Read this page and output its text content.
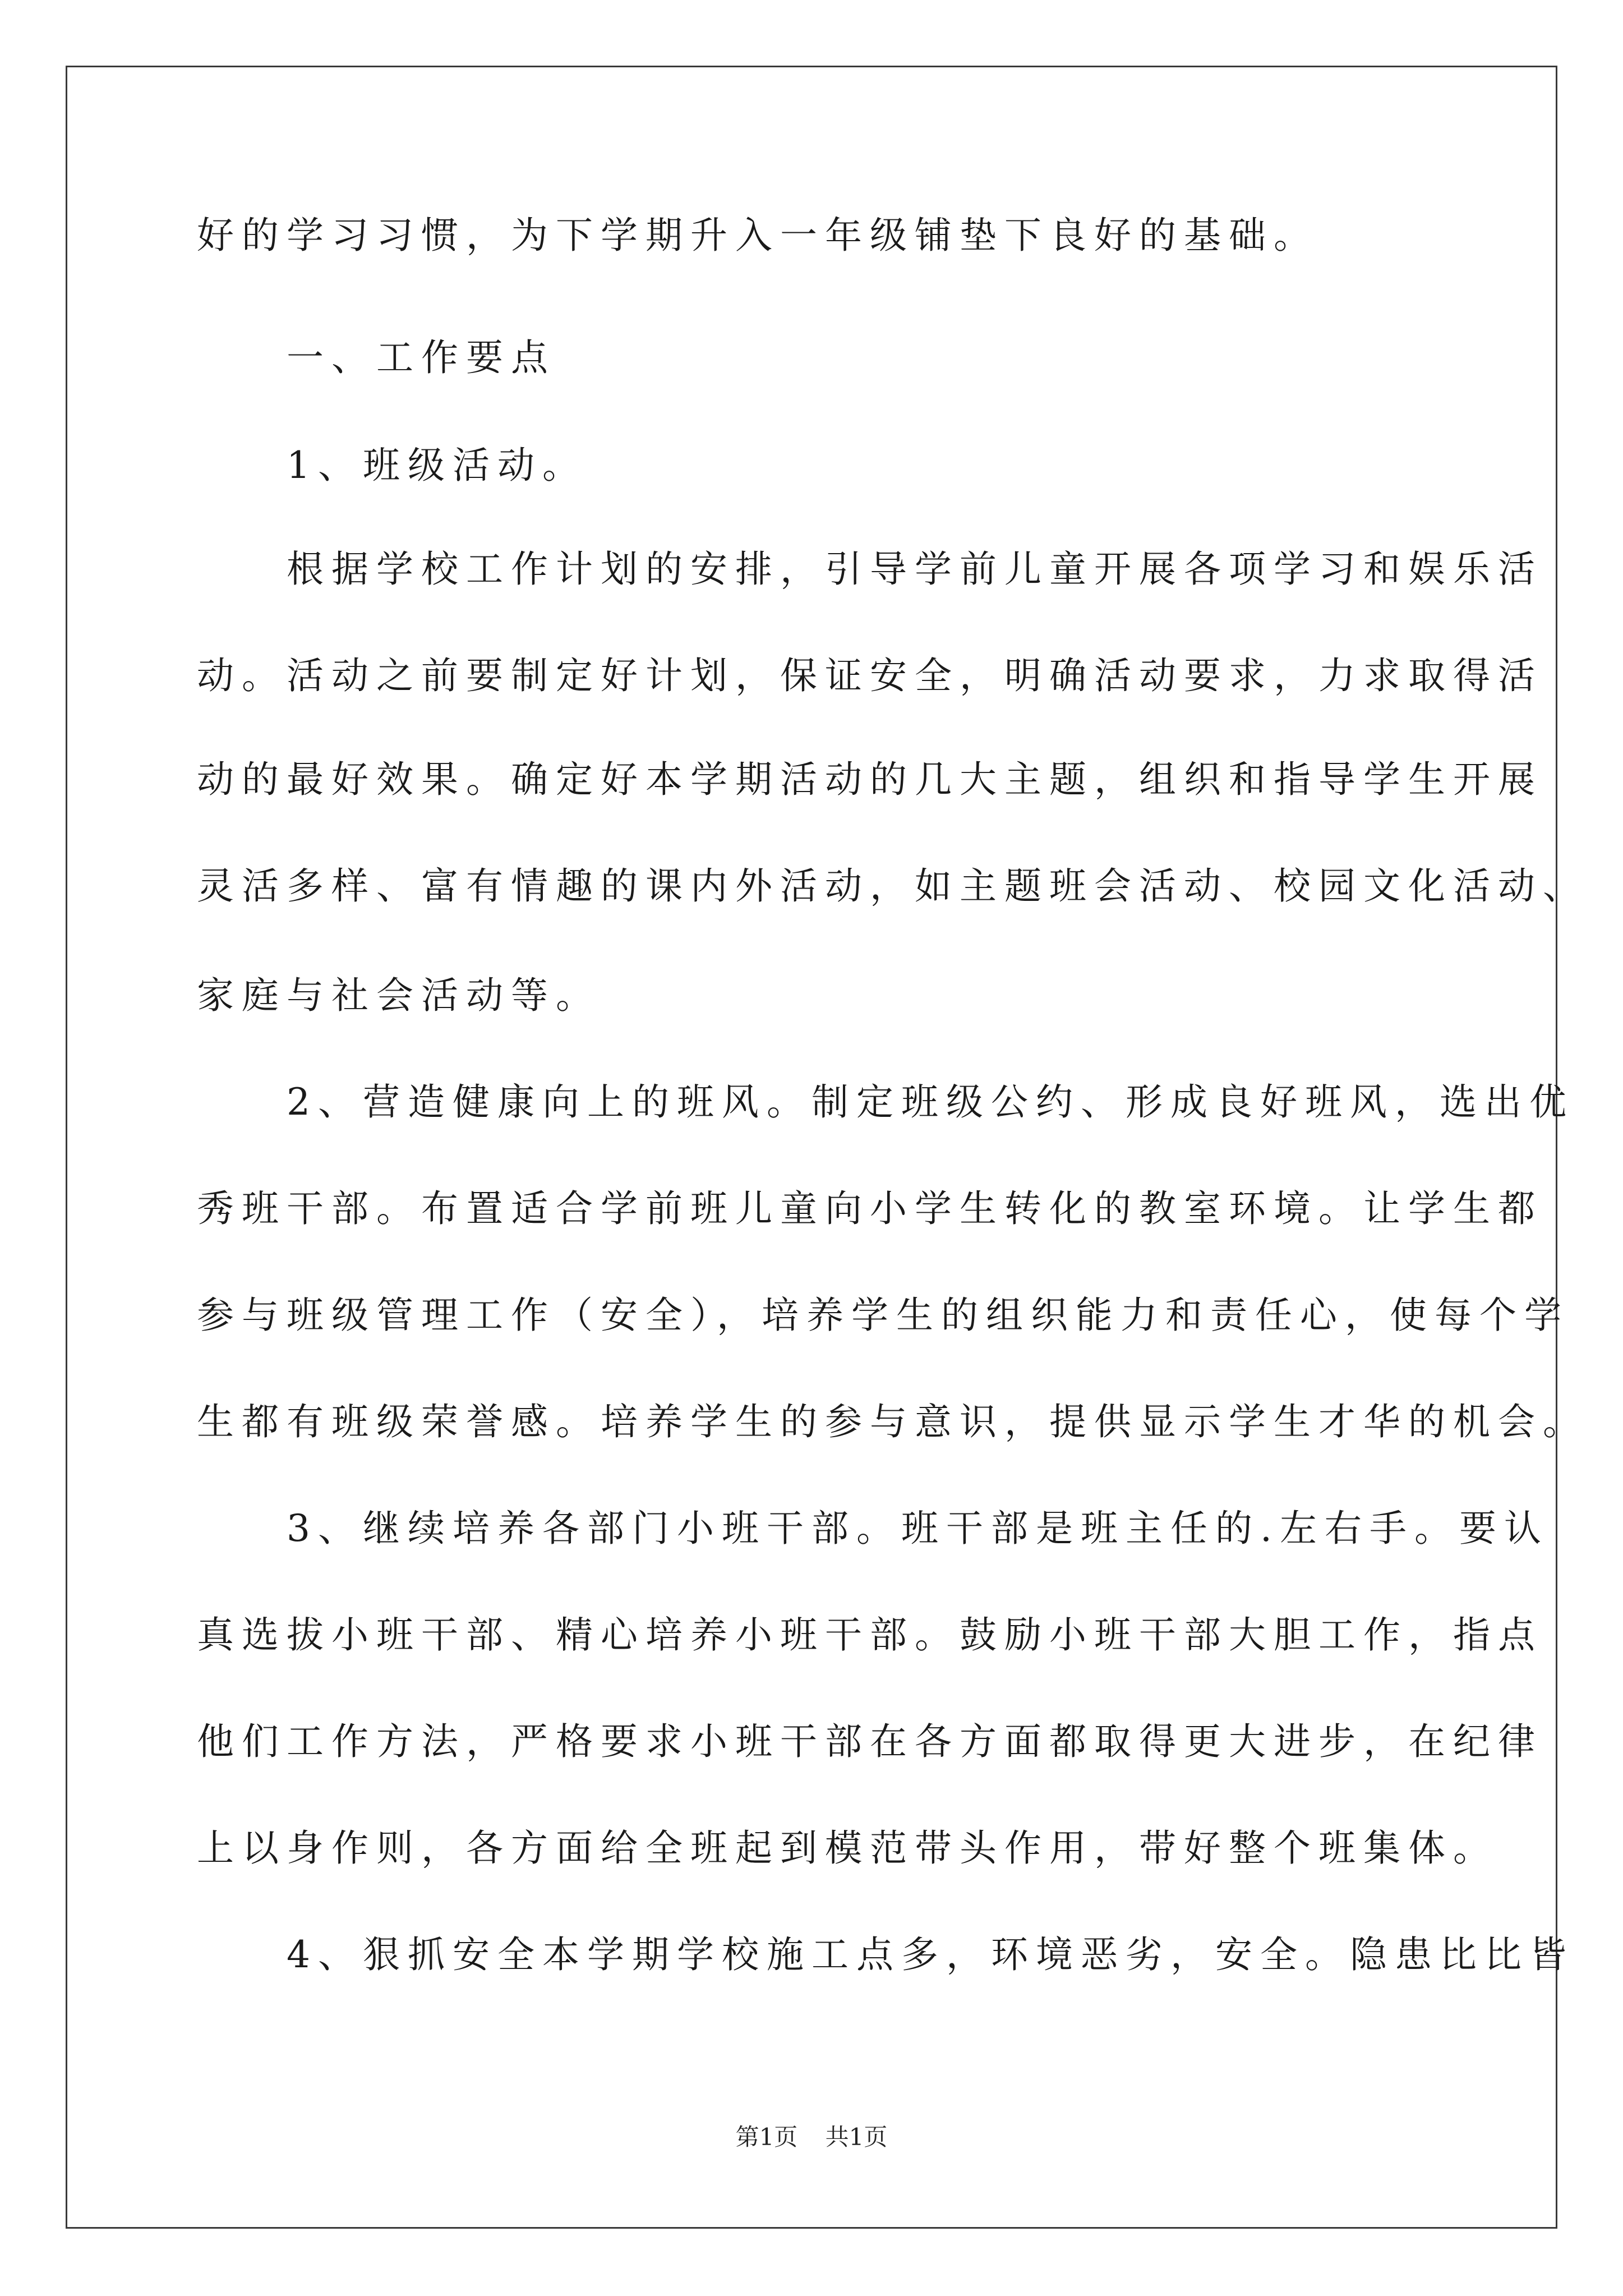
好的学习习惯，为下学期升入一年级铺垫下良好的基础。
　　一、工作要点
　　1、班级活动。
　　根据学校工作计划的安排，引导学前儿童开展各项学习和娱乐活
动。活动之前要制定好计划，保证安全，明确活动要求，力求取得活
动的最好效果。确定好本学期活动的几大主题，组织和指导学生开展
灵活多样、富有情趣的课内外活动，如主题班会活动、校园文化活动、
家庭与社会活动等。
　　2、营造健康向上的班风。制定班级公约、形成良好班风，选出优
秀班干部。布置适合学前班儿童向小学生转化的教室环境。让学生都
参与班级管理工作（安全），培养学生的组织能力和责任心，使每个学
生都有班级荣誉感。培养学生的参与意识，提供显示学生才华的机会。
　　3、继续培养各部门小班干部。班干部是班主任的.左右手。要认
真选拔小班干部、精心培养小班干部。鼓励小班干部大胆工作，指点
他们工作方法，严格要求小班干部在各方面都取得更大进步，在纪律
上以身作则，各方面给全班起到模范带头作用，带好整个班集体。
　　4、狠抓安全本学期学校施工点多，环境恶劣，安全。隐患比比皆
第1页 共1页
